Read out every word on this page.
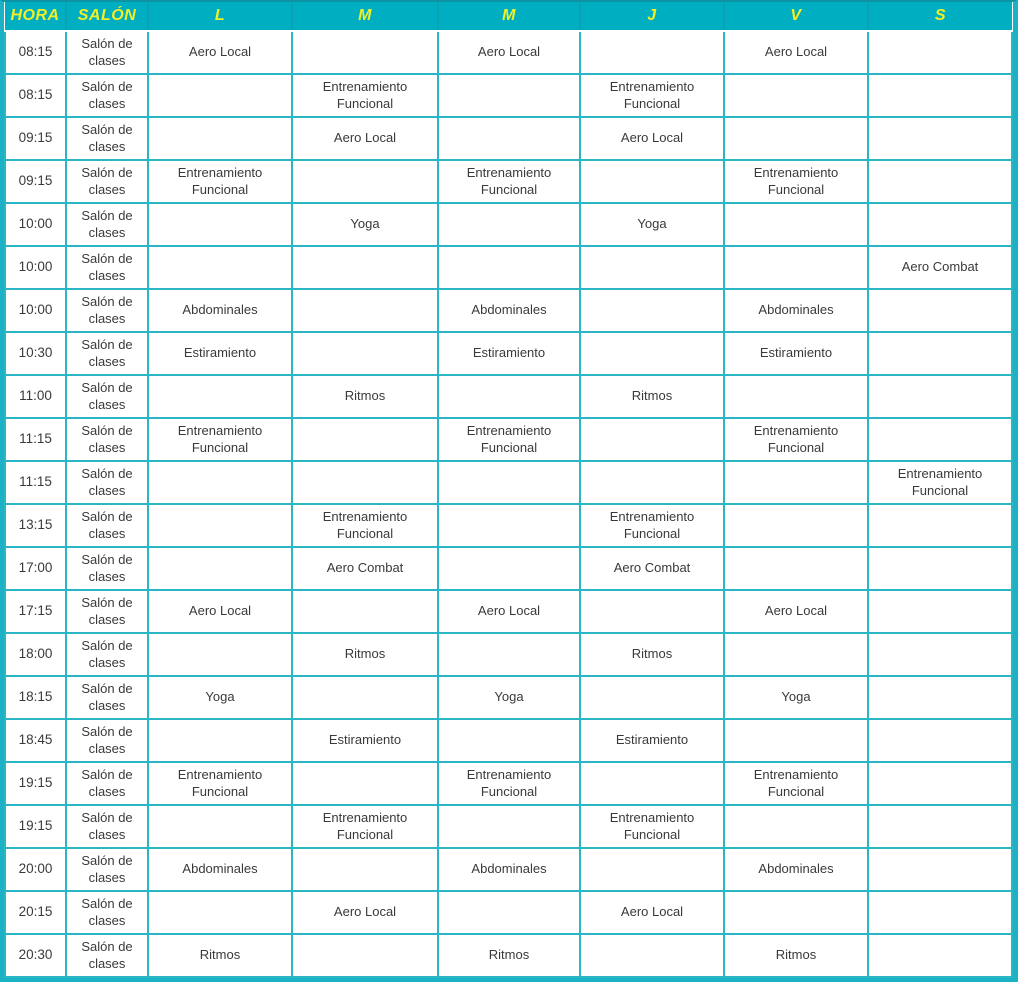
HORA	SALÓN	L	M	M	J	V	S
08:15	Salón de clases	Aero Local		Aero Local		Aero Local	
08:15	Salón de clases		Entrenamiento Funcional		Entrenamiento Funcional		
09:15	Salón de clases		Aero Local		Aero Local		
09:15	Salón de clases	Entrenamiento Funcional		Entrenamiento Funcional		Entrenamiento Funcional	
10:00	Salón de clases		Yoga		Yoga		
10:00	Salón de clases						Aero Combat
10:00	Salón de clases	Abdominales		Abdominales		Abdominales	
10:30	Salón de clases	Estiramiento		Estiramiento		Estiramiento	
11:00	Salón de clases		Ritmos		Ritmos		
11:15	Salón de clases	Entrenamiento Funcional		Entrenamiento Funcional		Entrenamiento Funcional	
11:15	Salón de clases						Entrenamiento Funcional
13:15	Salón de clases		Entrenamiento Funcional		Entrenamiento Funcional		
17:00	Salón de clases		Aero Combat		Aero Combat		
17:15	Salón de clases	Aero Local		Aero Local		Aero Local	
18:00	Salón de clases		Ritmos		Ritmos		
18:15	Salón de clases	Yoga		Yoga		Yoga	
18:45	Salón de clases		Estiramiento		Estiramiento		
19:15	Salón de clases	Entrenamiento Funcional		Entrenamiento Funcional		Entrenamiento Funcional	
19:15	Salón de clases		Entrenamiento Funcional		Entrenamiento Funcional		
20:00	Salón de clases	Abdominales		Abdominales		Abdominales	
20:15	Salón de clases		Aero Local		Aero Local		
20:30	Salón de clases	Ritmos		Ritmos		Ritmos	
